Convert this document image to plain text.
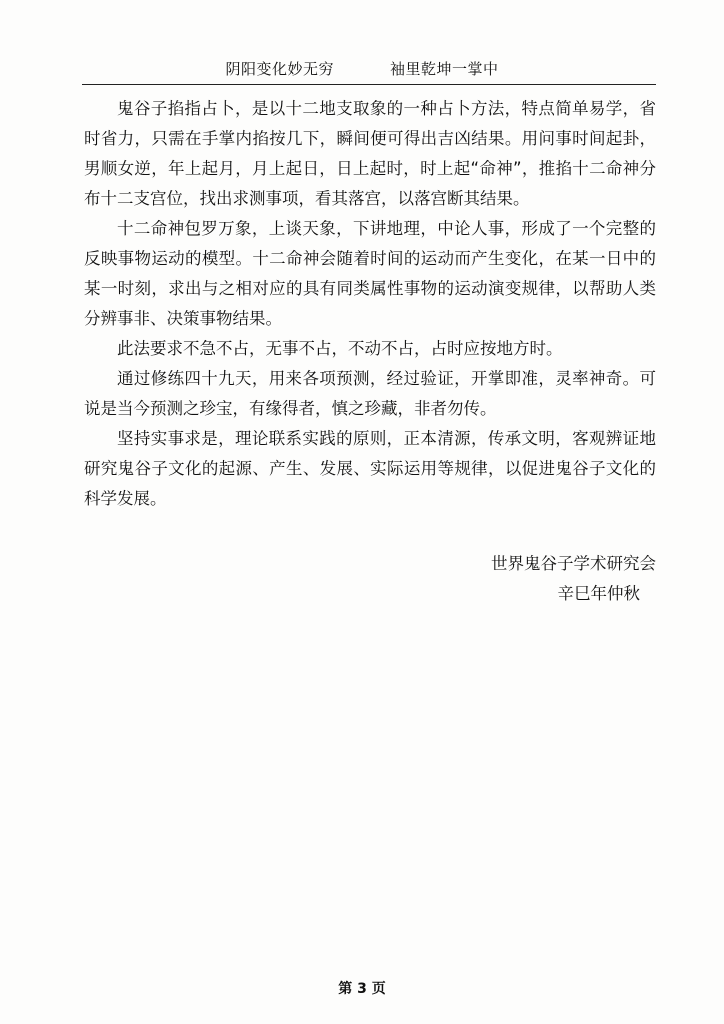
阴阳变化妙无穷	袖里乾坤一掌中

鬼谷子掐指占卜，是以十二地支取象的一种占卜方法，特点简单易学，省时省力，只需在手掌内掐按几下，瞬间便可得出吉凶结果。用问事时间起卦，男顺女逆，年上起月，月上起日，日上起时，时上起“命神”，推掐十二命神分布十二支宫位，找出求测事项，看其落宫，以落宫断其结果。

十二命神包罗万象，上谈天象，下讲地理，中论人事，形成了一个完整的反映事物运动的模型。十二命神会随着时间的运动而产生变化，在某一日中的某一时刻，求出与之相对应的具有同类属性事物的运动演变规律，以帮助人类分辨事非、决策事物结果。

此法要求不急不占，无事不占，不动不占，占时应按地方时。

通过修练四十九天，用来各项预测，经过验证，开掌即准，灵率神奇。可说是当今预测之珍宝，有缘得者，慎之珍藏，非者勿传。

坚持实事求是，理论联系实践的原则，正本清源，传承文明，客观辨证地研究鬼谷子文化的起源、产生、发展、实际运用等规律，以促进鬼谷子文化的科学发展。

世界鬼谷子学术研究会
辛巳年仲秋
第 3 页
